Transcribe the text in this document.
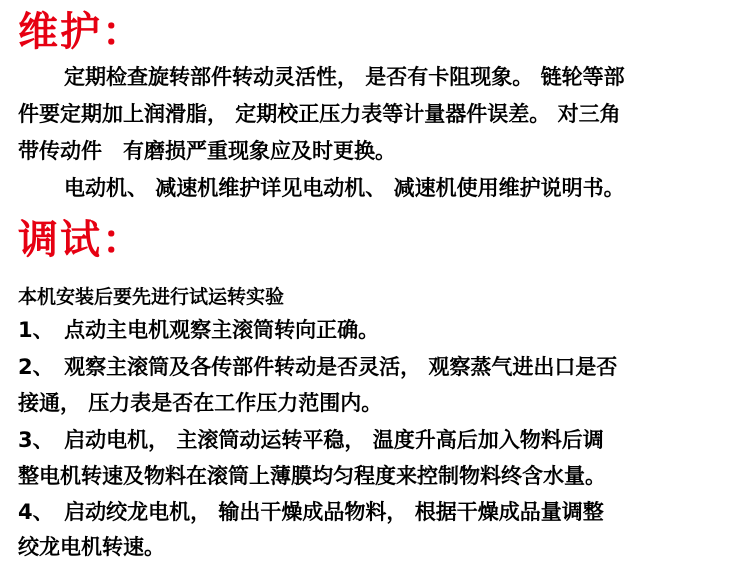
维护：

定期检查旋转部件转动灵活性， 是否有卡阻现象。 链轮等部

件要定期加上润滑脂， 定期校正压力表等计量器件误差。 对三角

带传动件　有磨损严重现象应及时更换。

电动机、 减速机维护详见电动机、 减速机使用维护说明书。

调试：

本机安装后要先进行试运转实验

1、　点动主电机观察主滚筒转向正确。

2、　观察主滚筒及各传部件转动是否灵活， 观察蒸气进出口是否

接通， 压力表是否在工作压力范围内。

3、　启动电机， 主滚筒动运转平稳， 温度升高后加入物料后调

整电机转速及物料在滚筒上薄膜均匀程度来控制物料终含水量。

4、　启动绞龙电机， 输出干燥成品物料， 根据干燥成品量调整

绞龙电机转速。
